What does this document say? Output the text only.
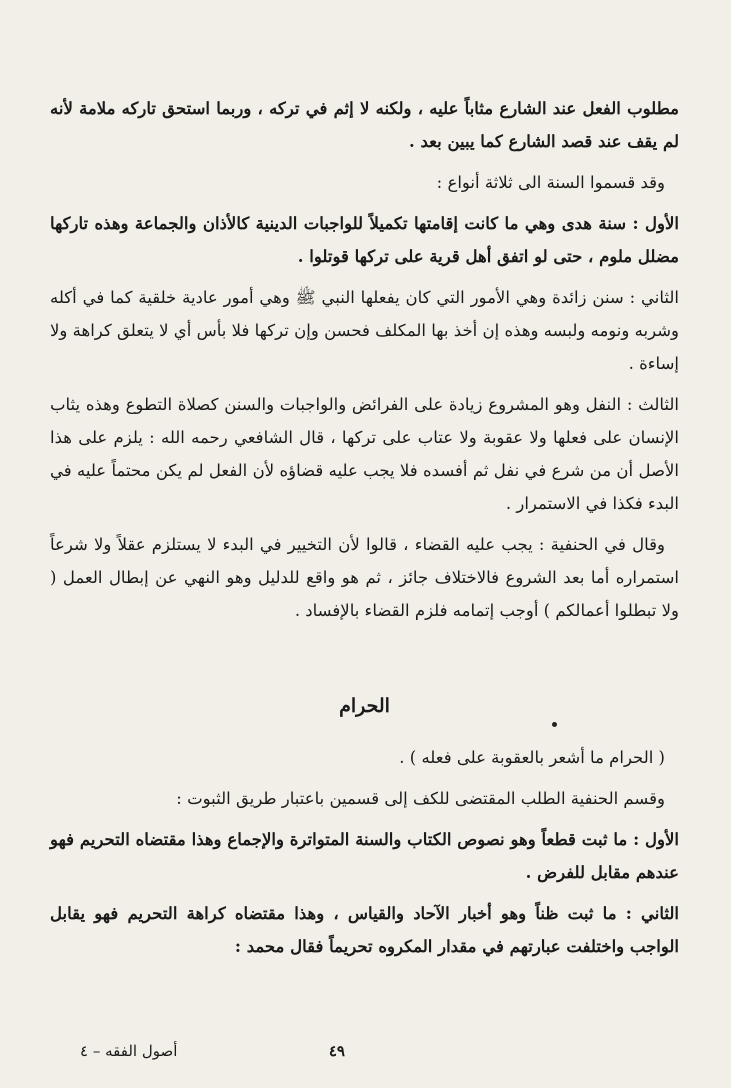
مطلوب الفعل عند الشارع مثاباً عليه ، ولكنه لا إثم في تركه ، وربما استحق تاركه ملامة لأنه لم يقف عند قصد الشارع كما يبين بعد .

وقد قسموا السنة الى ثلاثة أنواع :

الأول : سنة هدى وهي ما كانت إقامتها تكميلاً للواجبات الدينية كالأذان والجماعة وهذه تاركها مضلل ملوم ، حتى لو اتفق أهل قرية على تركها قوتلوا .

الثاني : سنن زائدة وهي الأمور التي كان يفعلها النبي ﷺ وهي أمور عادية خلقية كما في أكله وشربه ونومه ولبسه وهذه إن أخذ بها المكلف فحسن وإن تركها فلا بأس أي لا يتعلق كراهة ولا إساءة .

الثالث : النفل وهو المشروع زيادة على الفرائض والواجبات والسنن كصلاة التطوع وهذه يثاب الإنسان على فعلها ولا عقوبة ولا عتاب على تركها ، قال الشافعي رحمه الله : يلزم على هذا الأصل أن من شرع في نفل ثم أفسده فلا يجب عليه قضاؤه لأن الفعل لم يكن محتماً عليه في البدء فكذا في الاستمرار .

وقال في الحنفية : يجب عليه القضاء ، قالوا لأن التخيير في البدء لا يستلزم عقلاً ولا شرعاً استمراره أما بعد الشروع فالاختلاف جائز ، ثم هو واقع للدليل وهو النهي عن إبطال العمل ( ولا تبطلوا أعمالكم ) أوجب إتمامه فلزم القضاء بالإفساد .

الحرام

( الحرام ما أشعر بالعقوبة على فعله ) .

وقسم الحنفية الطلب المقتضى للكف إلى قسمين باعتبار طريق الثبوت :

الأول : ما ثبت قطعاً وهو نصوص الكتاب والسنة المتواترة والإجماع وهذا مقتضاه التحريم فهو عندهم مقابل للفرض .

الثاني : ما ثبت ظناً وهو أخبار الآحاد والقياس ، وهذا مقتضاه كراهة التحريم فهو يقابل الواجب واختلفت عبارتهم في مقدار المكروه تحريماً فقال محمد :

٤٩
أصول الفقه – ٤
